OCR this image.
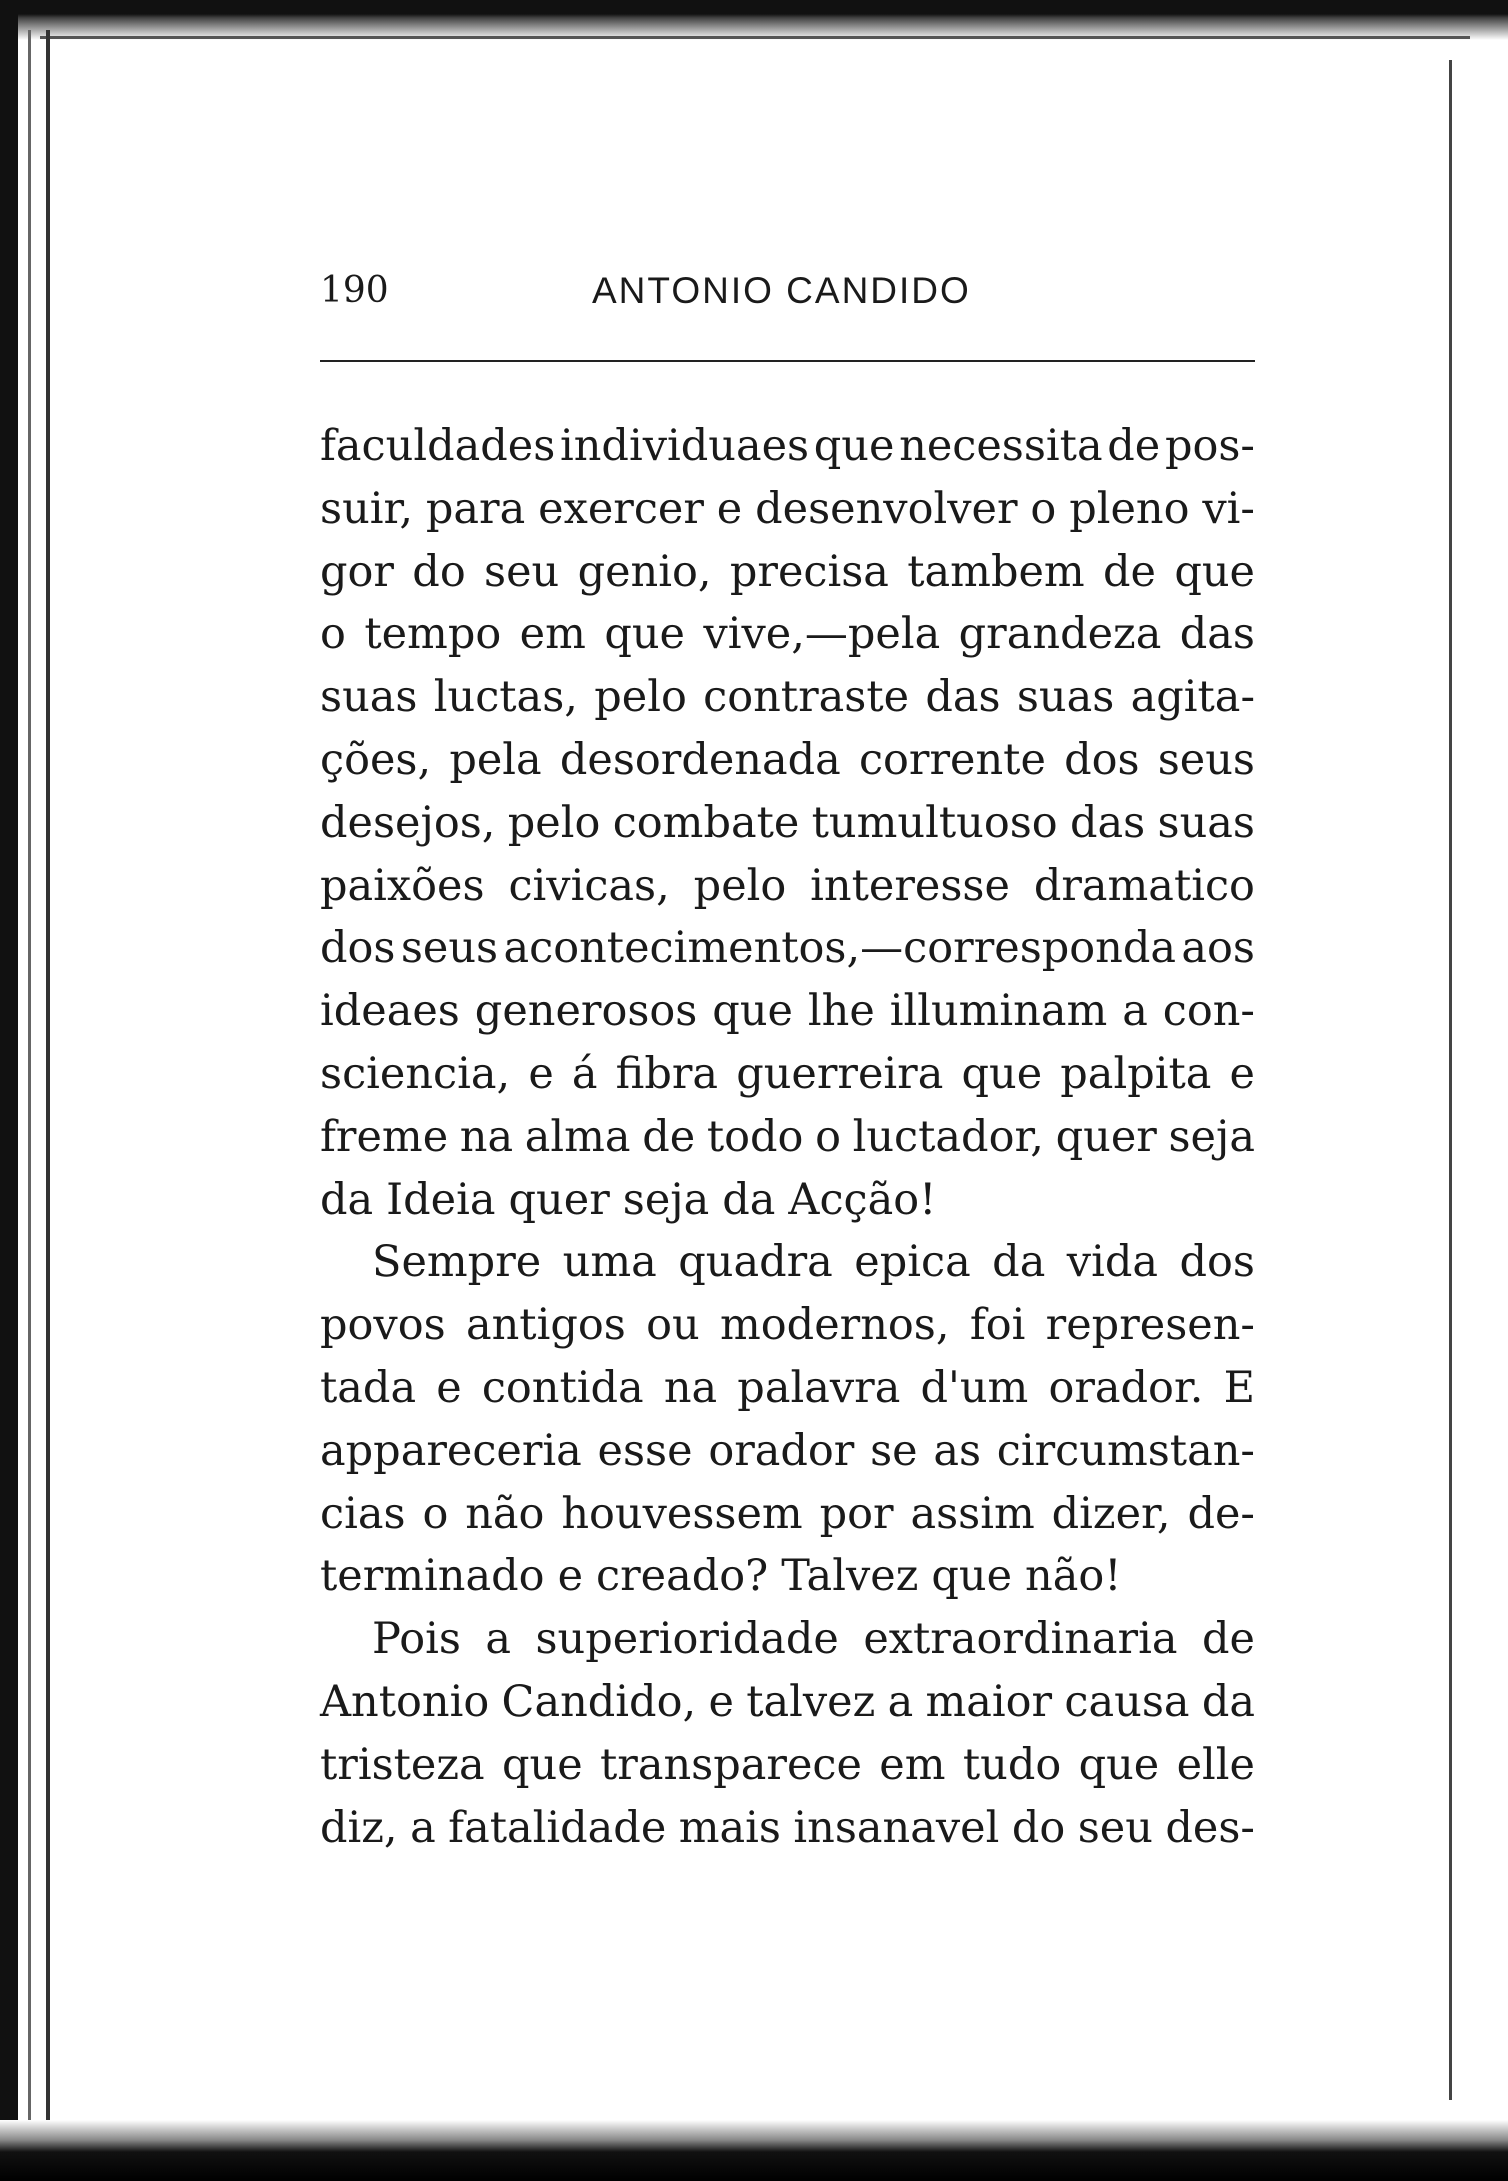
190	ANTONIO CANDIDO
faculdades individuaes que necessita de pos-
suir, para exercer e desenvolver o pleno vi-
gor do seu genio, precisa tambem de que
o tempo em que vive,—pela grandeza das
suas luctas, pelo contraste das suas agita-
ções, pela desordenada corrente dos seus
desejos, pelo combate tumultuoso das suas
paixões civicas, pelo interesse dramatico
dos seus acontecimentos,—corresponda aos
ideaes generosos que lhe illuminam a con-
sciencia, e á fibra guerreira que palpita e
freme na alma de todo o luctador, quer seja
da Ideia quer seja da Acção!
Sempre uma quadra epica da vida dos
povos antigos ou modernos, foi represen-
tada e contida na palavra d'um orador. E
appareceria esse orador se as circumstan-
cias o não houvessem por assim dizer, de-
terminado e creado? Talvez que não!
Pois a superioridade extraordinaria de
Antonio Candido, e talvez a maior causa da
tristeza que transparece em tudo que elle
diz, a fatalidade mais insanavel do seu des-
